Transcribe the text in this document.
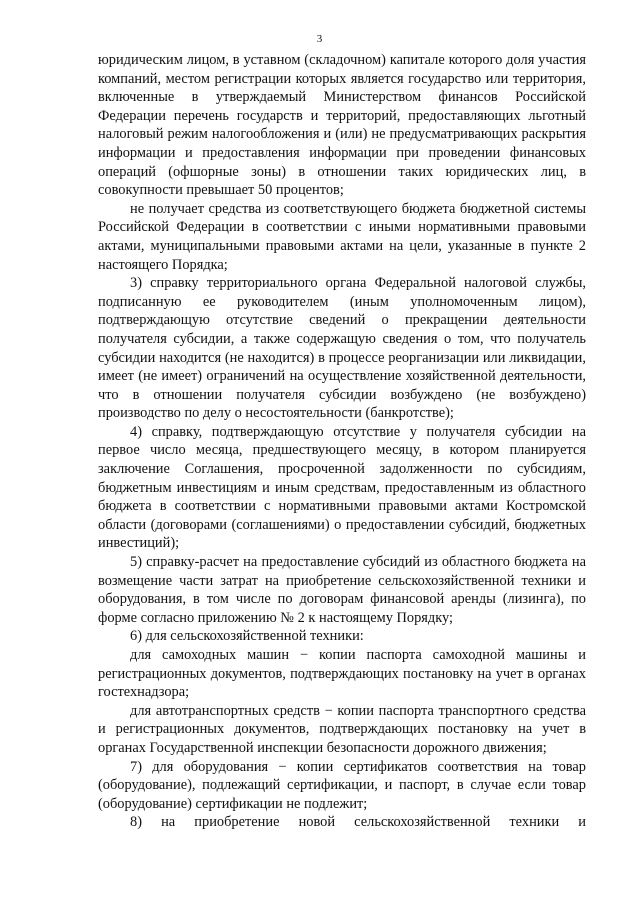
3

юридическим лицом, в уставном (складочном) капитале которого доля участия компаний, местом регистрации которых является государство или территория, включенные в утверждаемый Министерством финансов Российской Федерации перечень государств и территорий, предоставляющих льготный налоговый режим налогообложения и (или) не предусматривающих раскрытия информации и предоставления информации при проведении финансовых операций (офшорные зоны) в отношении таких юридических лиц, в совокупности превышает 50 процентов;

не получает средства из соответствующего бюджета бюджетной системы Российской Федерации в соответствии с иными нормативными правовыми актами, муниципальными правовыми актами на цели, указанные в пункте 2 настоящего Порядка;

3) справку территориального органа Федеральной налоговой службы, подписанную ее руководителем (иным уполномоченным лицом), подтверждающую отсутствие сведений о прекращении деятельности получателя субсидии, а также содержащую сведения о том, что получатель субсидии находится (не находится) в процессе реорганизации или ликвидации, имеет (не имеет) ограничений на осуществление хозяйственной деятельности, что в отношении получателя субсидии возбуждено (не возбуждено) производство по делу о несостоятельности (банкротстве);

4) справку, подтверждающую отсутствие у получателя субсидии на первое число месяца, предшествующего месяцу, в котором планируется заключение Соглашения, просроченной задолженности по субсидиям, бюджетным инвестициям и иным средствам, предоставленным из областного бюджета в соответствии с нормативными правовыми актами Костромской области (договорами (соглашениями) о предоставлении субсидий, бюджетных инвестиций);

5) справку-расчет на предоставление субсидий из областного бюджета на возмещение части затрат на приобретение сельскохозяйственной техники и оборудования, в том числе по договорам финансовой аренды (лизинга), по форме согласно приложению № 2 к настоящему Порядку;

6) для сельскохозяйственной техники:

для самоходных машин − копии паспорта самоходной машины и регистрационных документов, подтверждающих постановку на учет в органах гостехнадзора;

для автотранспортных средств − копии паспорта транспортного средства и регистрационных документов, подтверждающих постановку на учет в органах Государственной инспекции безопасности дорожного движения;

7) для оборудования − копии сертификатов соответствия на товар (оборудование), подлежащий сертификации, и паспорт, в случае если товар (оборудование) сертификации не подлежит;

8) на приобретение новой сельскохозяйственной техники и
